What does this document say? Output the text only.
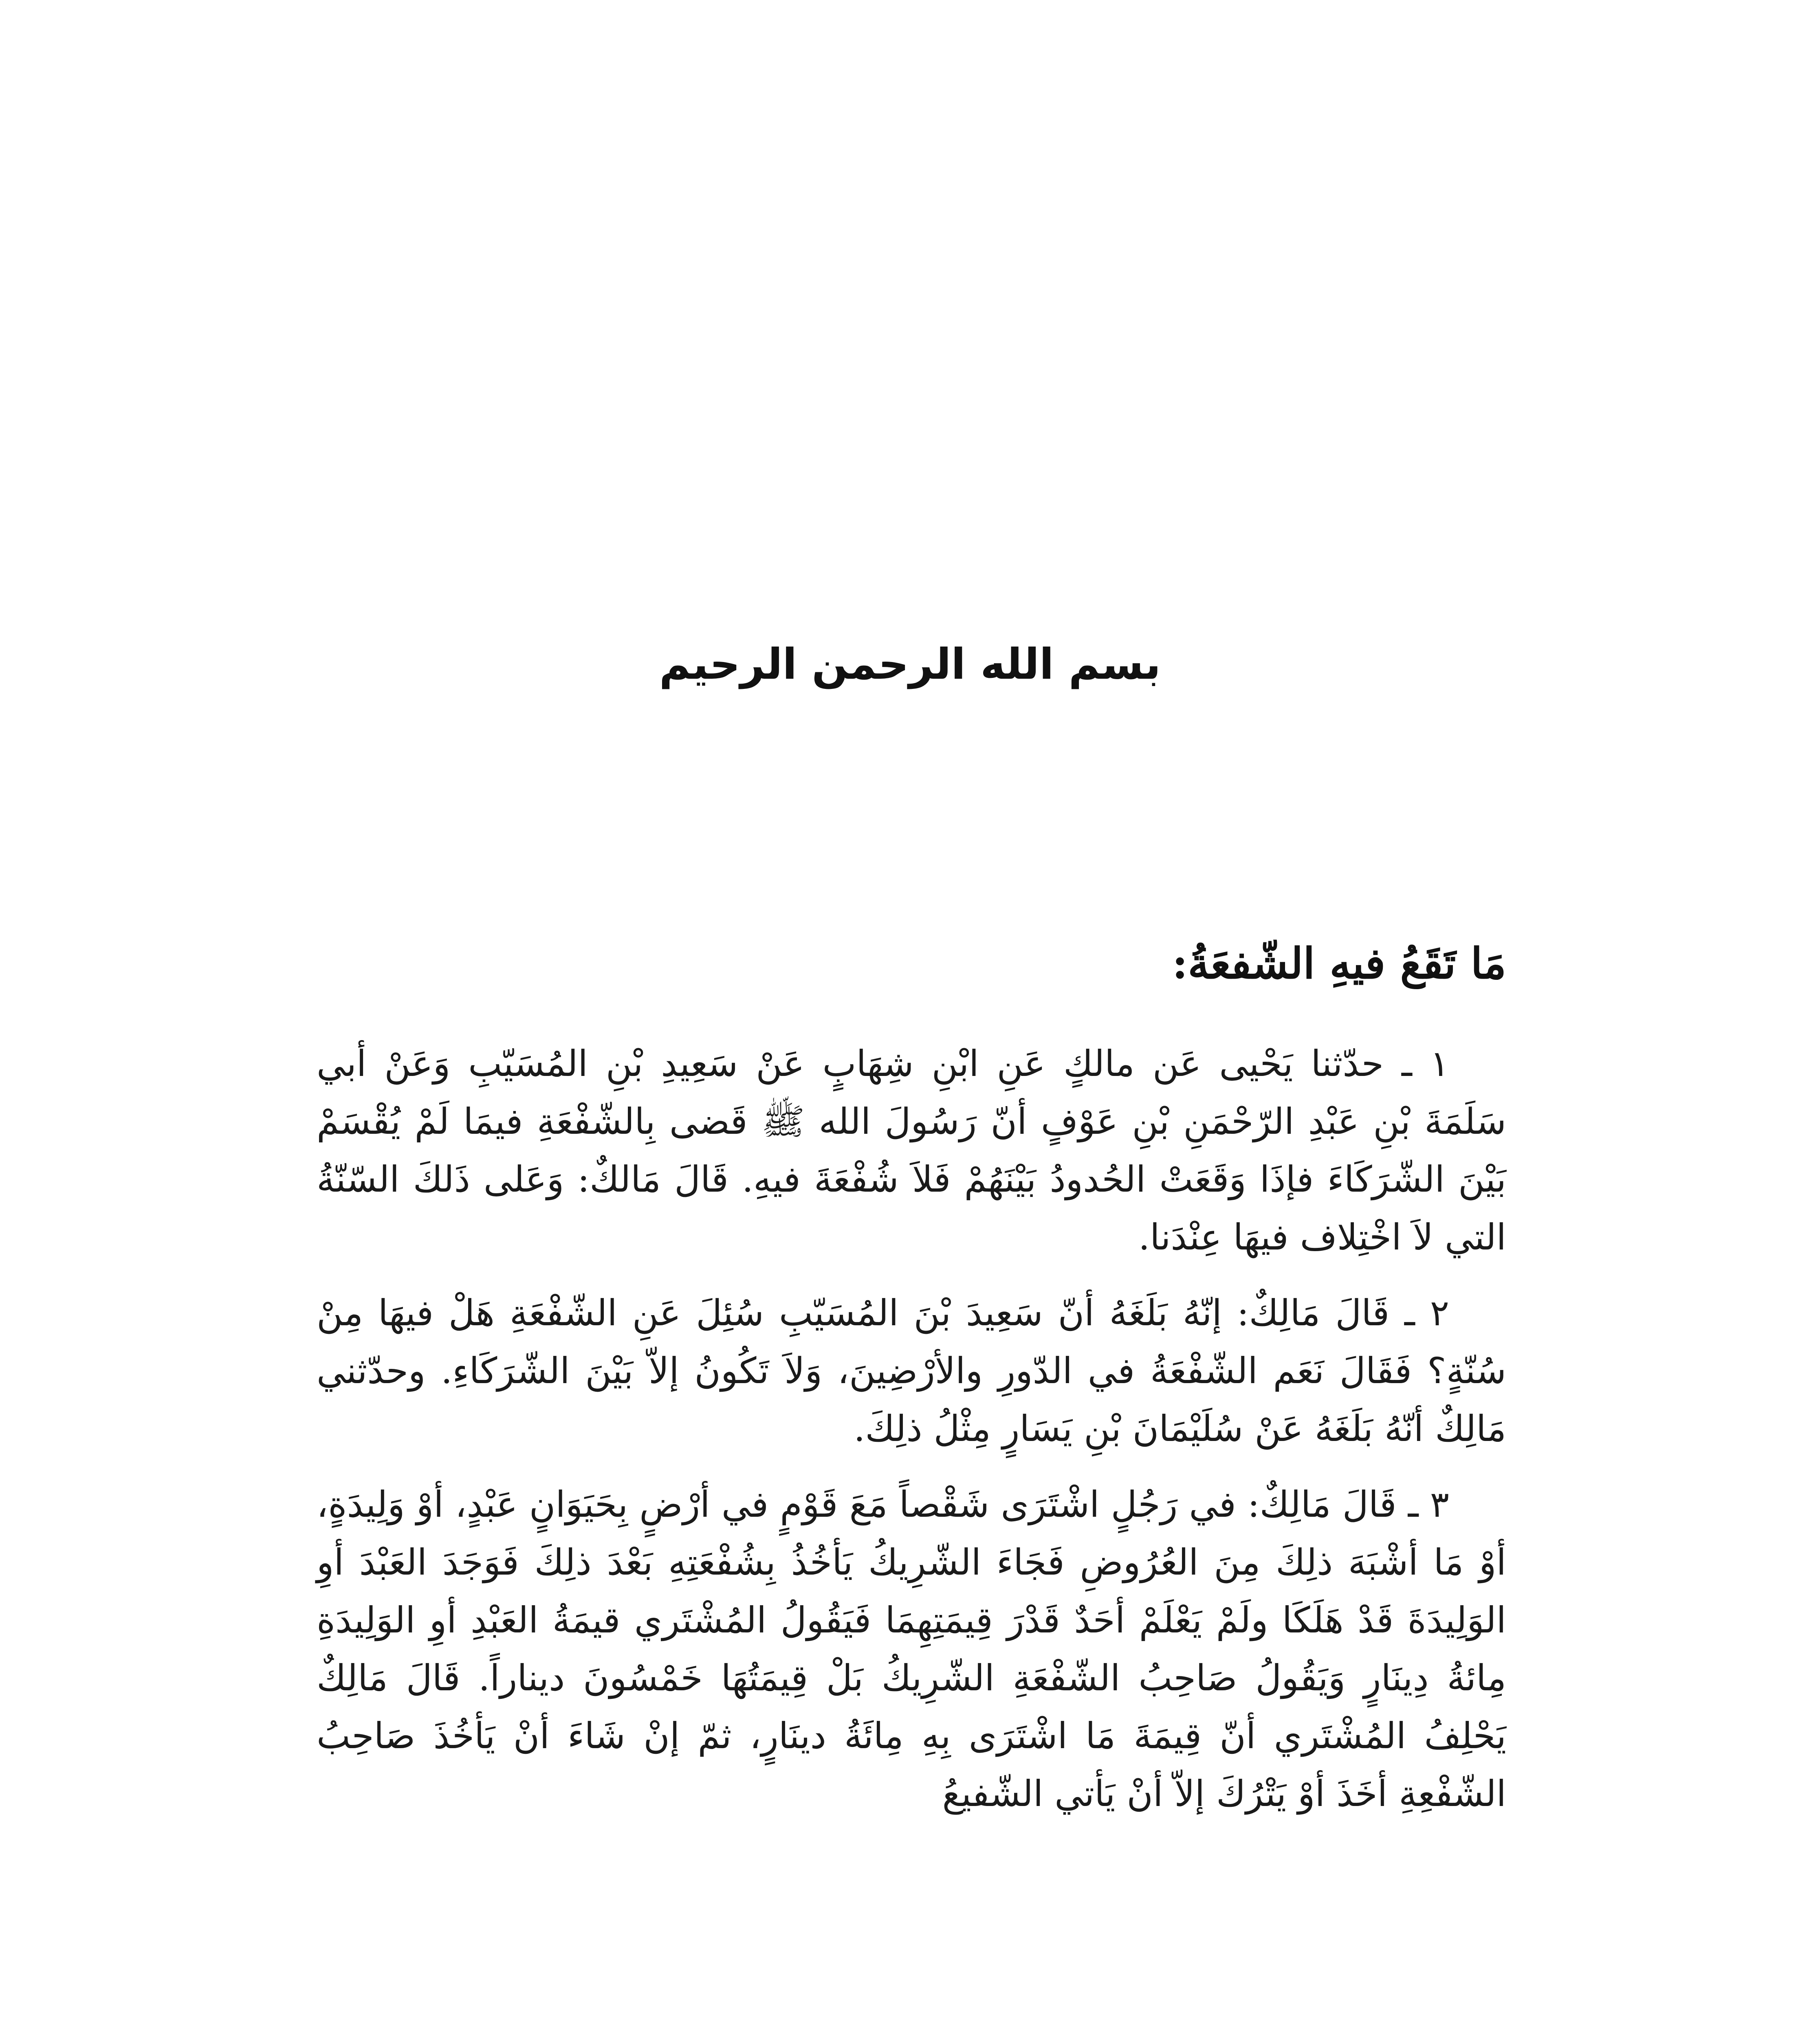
بسم الله الرحمن الرحيم
مَا تَقَعُ فيهِ الشّفعَةُ:

١ ـ حدّثنا يَحْيى عَن مالكٍ عَنِ ابْنِ شِهَابٍ عَنْ سَعِيدِ بْنِ المُسَيّبِ وَعَنْ أبي سَلَمَةَ بْنِ عَبْدِ الرّحْمَنِ بْنِ عَوْفٍ أنّ رَسُولَ الله ﷺ قَضى بِالشّفْعَةِ فيمَا لَمْ يُقْسَمْ بَيْنَ الشّرَكَاءَ فإذَا وَقَعَتْ الحُدودُ بَيْنَهُمْ فَلاَ شُفْعَةَ فيهِ. قَالَ مَالكٌ: وَعَلى ذَلكَ السّنّةُ التي لاَ اخْتِلاف فيهَا عِنْدَنا.

٢ ـ قَالَ مَالِكٌ: إنّهُ بَلَغَهُ أنّ سَعِيدَ بْنَ المُسَيّبِ سُئِلَ عَنِ الشّفْعَةِ هَلْ فيهَا مِنْ سُنّةٍ؟ فَقَالَ نَعَم الشّفْعَةُ في الدّورِ والأرْضِينَ، وَلاَ تَكُونُ إلاّ بَيْنَ الشّرَكَاءِ. وحدّثني مَالِكٌ أنّهُ بَلَغَهُ عَنْ سُلَيْمَانَ بْنِ يَسَارٍ مِثْلُ ذلِكَ.

٣ ـ قَالَ مَالِكٌ: في رَجُلٍ اشْتَرَى شَقْصاً مَعَ قَوْمٍ في أرْضٍ بِحَيَوَانٍ عَبْدٍ، أوْ وَلِيدَةٍ، أوْ مَا أشْبَهَ ذلِكَ مِنَ العُرُوضِ فَجَاءَ الشّرِيكُ يَأخُذُ بِشُفْعَتِهِ بَعْدَ ذلِكَ فَوَجَدَ العَبْدَ أوِ الوَلِيدَةَ قَدْ هَلَكَا ولَمْ يَعْلَمْ أحَدٌ قَدْرَ قِيمَتِهِمَا فَيَقُولُ المُشْتَري قيمَةُ العَبْدِ أوِ الوَلِيدَةِ مِائةُ دِينَارٍ وَيَقُولُ صَاحِبُ الشّفْعَةِ الشّرِيكُ بَلْ قِيمَتُهَا خَمْسُونَ ديناراً. قَالَ مَالِكٌ يَحْلِفُ المُشْتَري أنّ قِيمَةَ مَا اشْتَرَى بِهِ مِائَةُ دينَارٍ، ثمّ إنْ شَاءَ أنْ يَأخُذَ صَاحِبُ الشّفْعِةِ أخَذَ أوْ يَتْرُكَ إلاّ أنْ يَأتي الشّفيعُ
